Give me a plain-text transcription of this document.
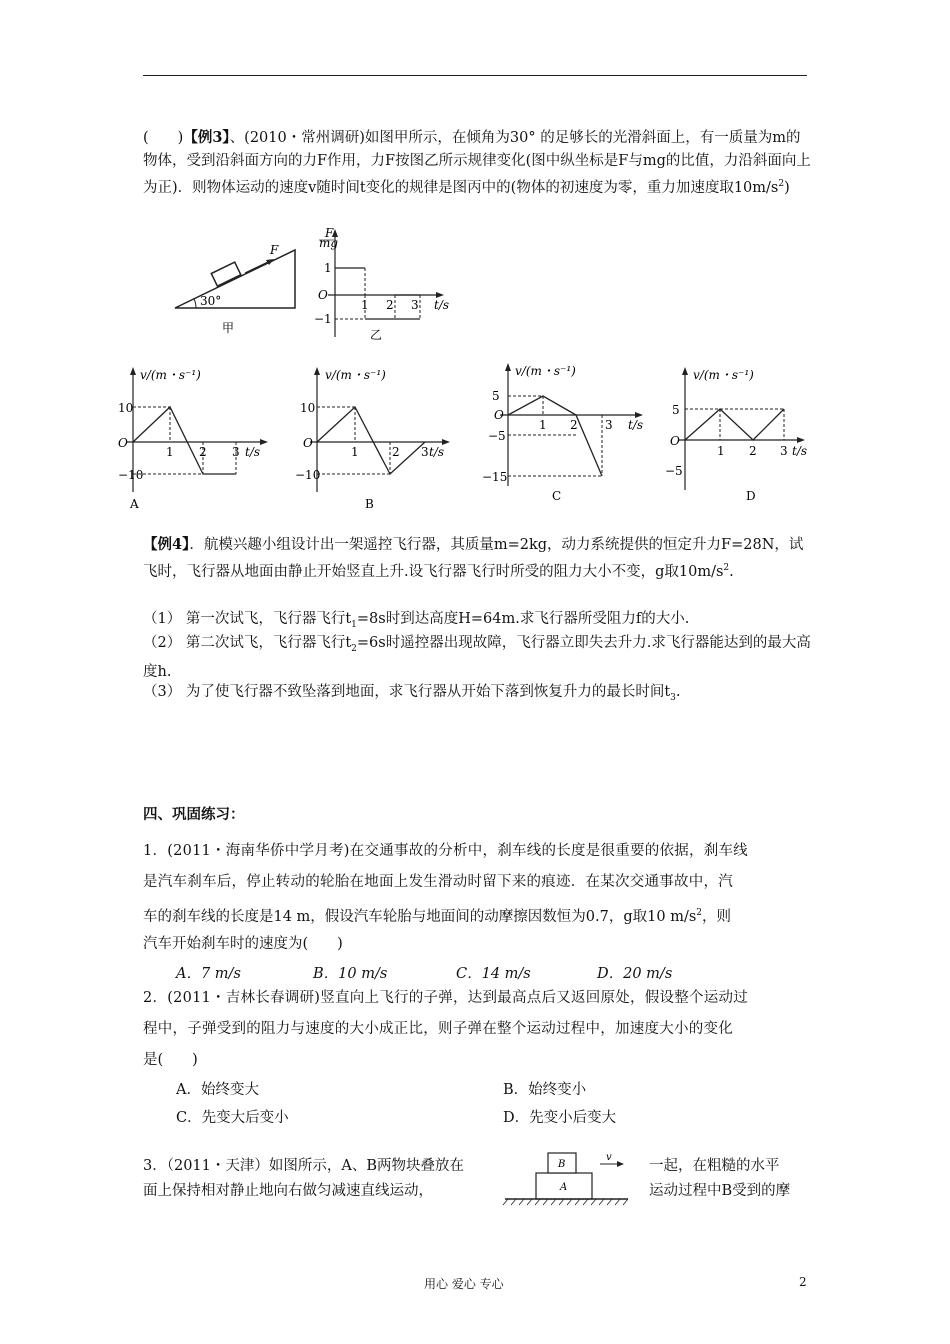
(　　)【例3】、(2010・常州调研)如图甲所示，在倾角为30° 的足够长的光滑斜面上，有一质量为m的物体，受到沿斜面方向的力F作用，力F按图乙所示规律变化(图中纵坐标是F与mg的比值，力沿斜面向上为正)．则物体运动的速度v随时间t变化的规律是图丙中的(物体的初速度为零，重力加速度取$10m/s^2$)
F
30°
甲
F
mg
1
O
−1
1 2 3 t/s
乙
v/(m・s⁻¹)
10
O
−10
1 2 3 t/s
A
v/(m・s⁻¹)
10
O
−10
1	2 3 t/s
B
v/(m・s⁻¹)
5
O
−5
−15
1 2 3 t/s
C
v/(m・s⁻¹)
5
O
−5
1 2 3 t/s
D
【例4】．航模兴趣小组设计出一架遥控飞行器，其质量m=2kg，动力系统提供的恒定升力F=28N，试飞时，飞行器从地面由静止开始竖直上升.设飞行器飞行时所受的阻力大小不变，g取$10m/s^2$.
（1） 第一次试飞，飞行器飞行$t_1=8s$时到达高度H=64m.求飞行器所受阻力f的大小.
（2） 第二次试飞，飞行器飞行$t_2=6s$时遥控器出现故障，飞行器立即失去升力.求飞行器能达到的最大高度h.
（3） 为了使飞行器不致坠落到地面，求飞行器从开始下落到恢复升力的最长时间$t_3$.
四、巩固练习：
1．(2011・海南华侨中学月考)在交通事故的分析中，刹车线的长度是很重要的依据，刹车线
是汽车刹车后，停止转动的轮胎在地面上发生滑动时留下来的痕迹．在某次交通事故中，汽
车的刹车线的长度是14 m，假设汽车轮胎与地面间的动摩擦因数恒为0.7，g取10 $m/s^2$，则
汽车开始刹车时的速度为(　　)
A．7 m/s	B．10 m/s	C．14 m/s	D．20 m/s
2．(2011・吉林长春调研)竖直向上飞行的子弹，达到最高点后又返回原处，假设整个运动过
程中，子弹受到的阻力与速度的大小成正比，则子弹在整个运动过程中，加速度大小的变化
是(　　)
A．始终变大	B．始终变小
C．先变大后变小	D．先变小后变大
3．（2011・天津）如图所示，A、B两物块叠放在	一起，在粗糙的水平
面上保持相对静止地向右做匀减速直线运动，	运动过程中B受到的摩
v
B
A
用心 爱心 专心	2
